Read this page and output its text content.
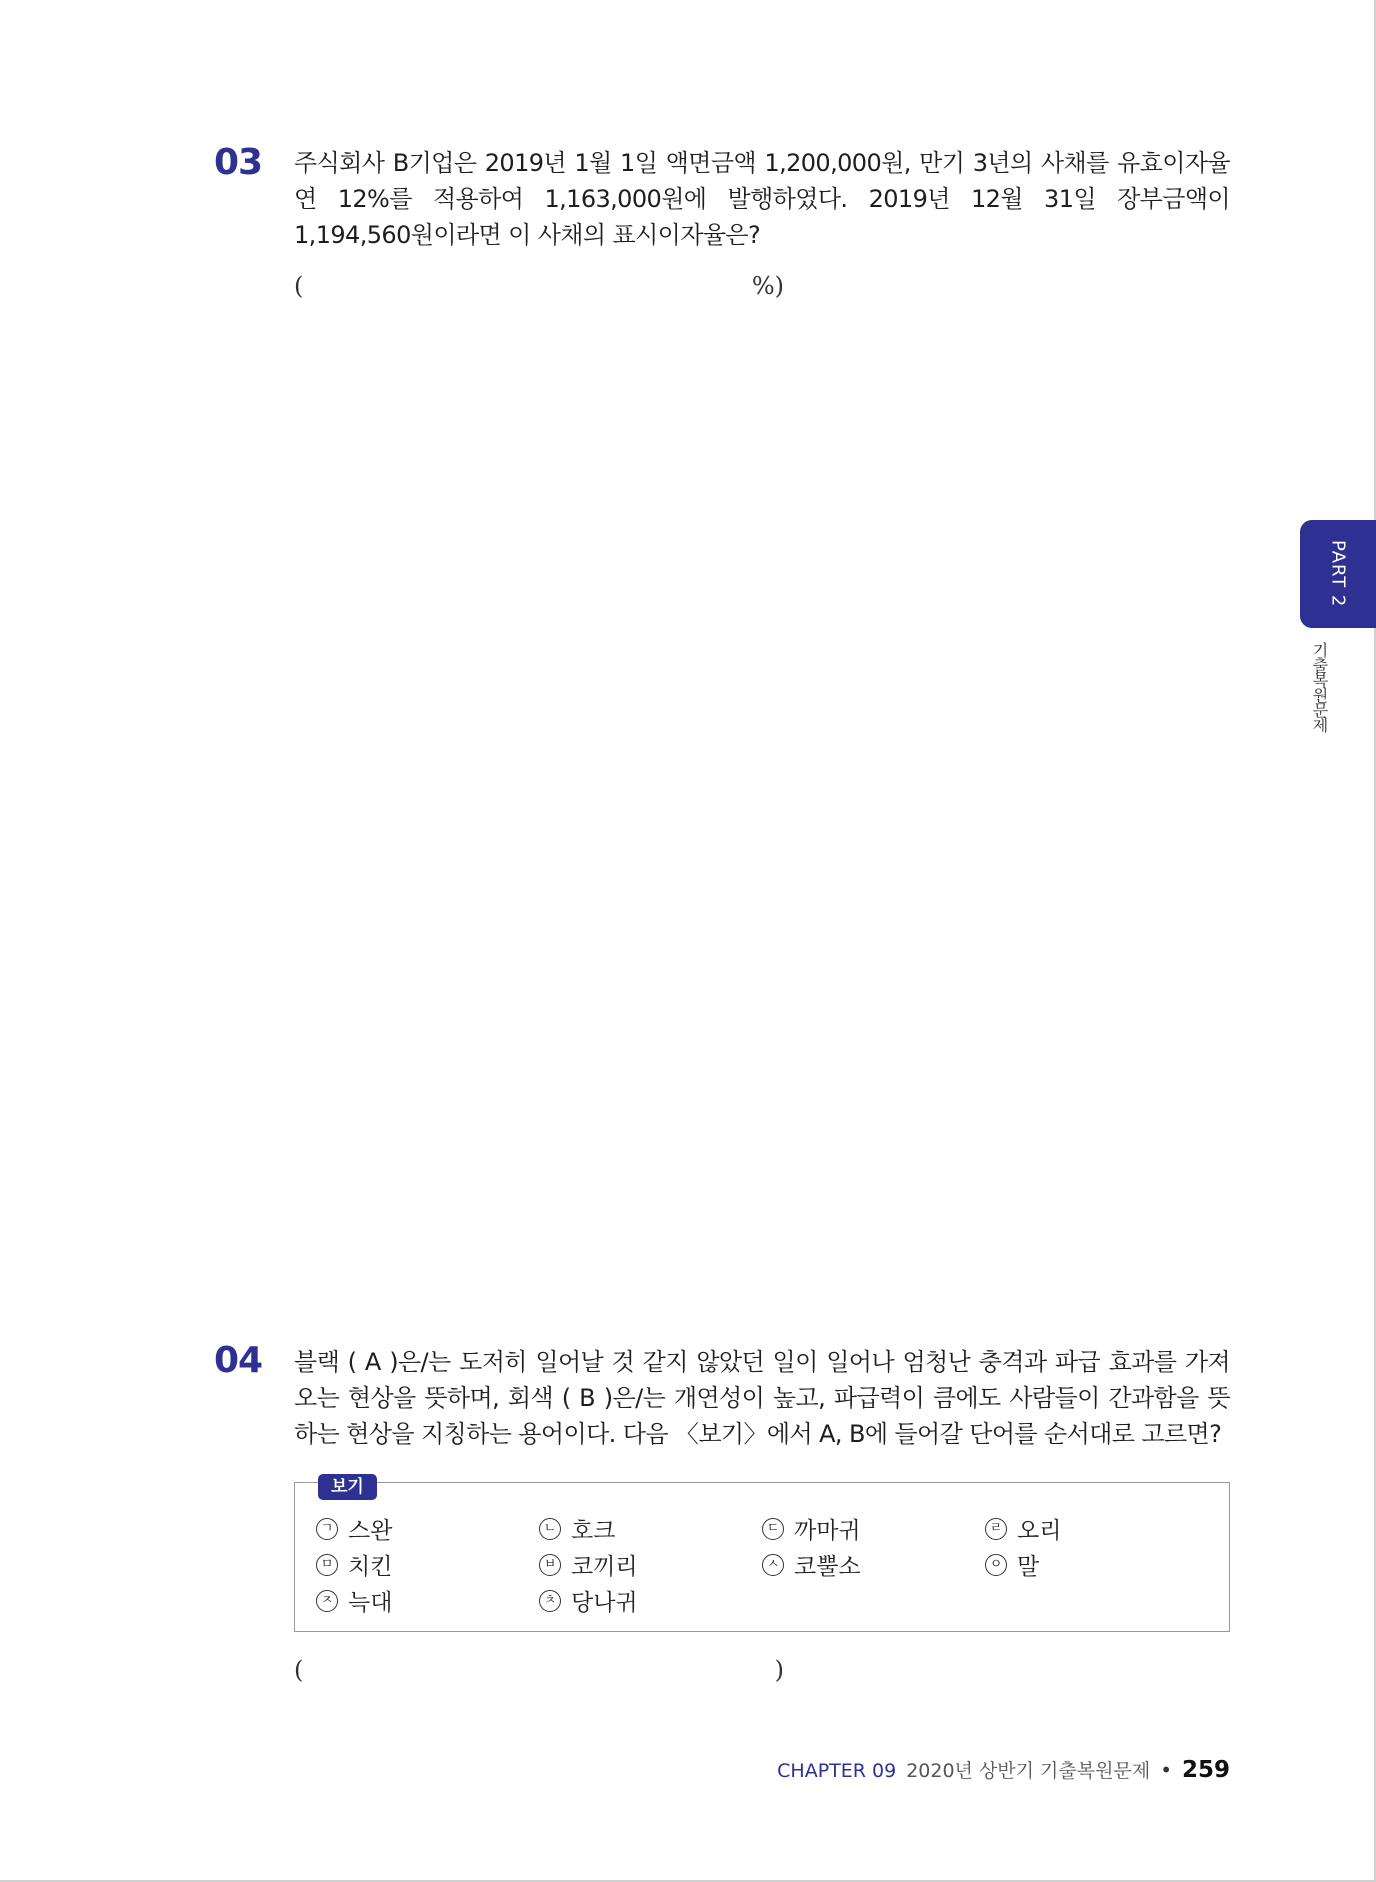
03 주식회사 B기업은 2019년 1월 1일 액면금액 1,200,000원, 만기 3년의 사채를 유효이자율 연 12%를 적용하여 1,163,000원에 발행하였다. 2019년 12월 31일 장부금액이 1,194,560원이라면 이 사채의 표시이자율은?
(	%)
PART 2
기출복원문제
04 블랙 ( A )은/는 도저히 일어날 것 같지 않았던 일이 일어나 엄청난 충격과 파급 효과를 가져오는 현상을 뜻하며, 회색 ( B )은/는 개연성이 높고, 파급력이 큼에도 사람들이 간과함을 뜻하는 현상을 지칭하는 용어이다. 다음 〈보기〉에서 A, B에 들어갈 단어를 순서대로 고르면?
보기
ㄱ 스완	ㄴ 호크	ㄷ 까마귀	ㄹ 오리
ㅁ 치킨	ㅂ 코끼리	ㅅ 코뿔소	ㅇ 말
ㅈ 늑대	ㅊ 당나귀
(	)
CHAPTER 09 2020년 상반기 기출복원문제 • 259
